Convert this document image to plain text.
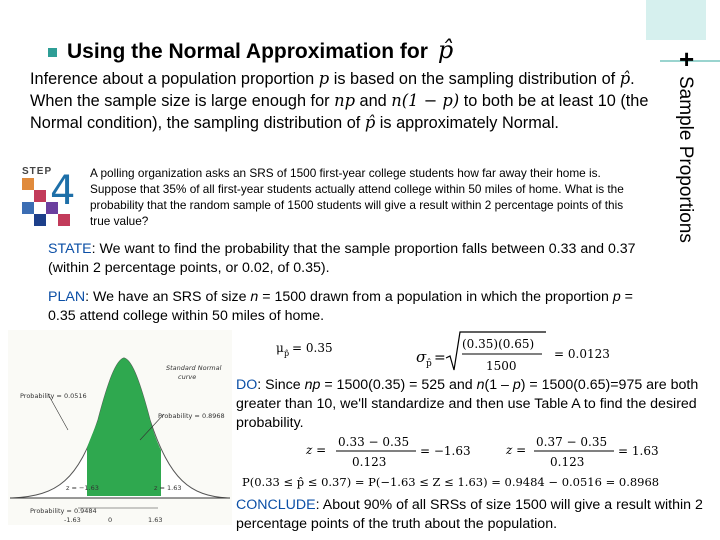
+
Sample Proportions
Using the Normal Approximation for p̂
Inference about a population proportion p is based on the sampling distribution of p̂. When the sample size is large enough for np and n(1 − p) to both be at least 10 (the Normal condition), the sampling distribution of p̂ is approximately Normal.
STEP
4 A polling organization asks an SRS of 1500 first-year college students how far away their home is. Suppose that 35% of all first-year students actually attend college within 50 miles of home. What is the probability that the random sample of 1500 students will give a result within 2 percentage points of this true value?
STATE: We want to find the probability that the sample proportion falls between 0.33 and 0.37 (within 2 percentage points, or 0.02, of 0.35).
PLAN: We have an SRS of size n = 1500 drawn from a population in which the proportion p = 0.35 attend college within 50 miles of home.
μ p̂ = 0.35	σ p̂ =
(0.35)(0.65)
1500
= 0.0123
z =
0.33 − 0.35
0.123
= −1.63	z =
0.37 − 0.35
0.123
= 1.63
P(0.33 ≤ p̂ ≤ 0.37) = P(−1.63 ≤ Z ≤ 1.63) = 0.9484 − 0.0516 = 0.8968
DO: Since np = 1500(0.35) = 525 and n(1 – p) = 1500(0.65)=975 are both greater than 10, we'll standardize and then use Table A to find the desired probability.
CONCLUDE: About 90% of all SRSs of size 1500 will give a result within 2 percentage points of the truth about the population.
Standard Normal
curve
Probability = 0.0516
Probability = 0.8968
z = −1.63	z = 1.63
Probability = 0.9484
-1.63	0	1.63
